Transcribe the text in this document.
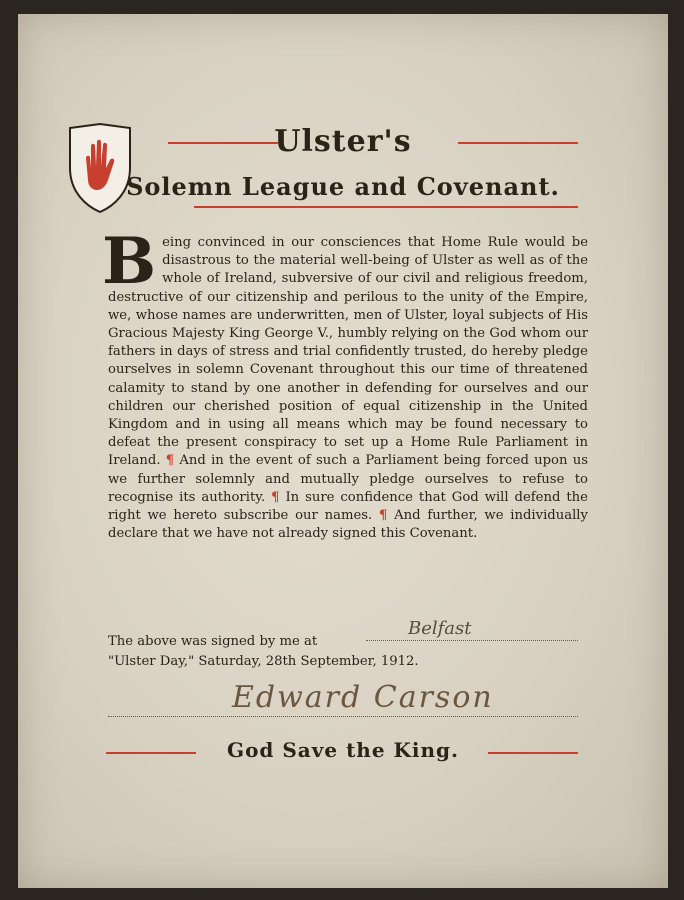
Ulster's
Solemn League and Covenant.
Being convinced in our consciences that Home Rule would be disastrous to the material well-being of Ulster as well as of the whole of Ireland, subversive of our civil and religious freedom, destructive of our citizenship and perilous to the unity of the Empire, we, whose names are underwritten, men of Ulster, loyal subjects of His Gracious Majesty King George V., humbly relying on the God whom our fathers in days of stress and trial confidently trusted, do hereby pledge ourselves in solemn Covenant throughout this our time of threatened calamity to stand by one another in defending for ourselves and our children our cherished position of equal citizenship in the United Kingdom and in using all means which may be found necessary to defeat the present conspiracy to set up a Home Rule Parliament in Ireland. ¶ And in the event of such a Parliament being forced upon us we further solemnly and mutually pledge ourselves to refuse to recognise its authority. ¶ In sure confidence that God will defend the right we hereto subscribe our names. ¶ And further, we individually declare that we have not already signed this Covenant.
The above was signed by me at
"Ulster Day," Saturday, 28th September, 1912.
Belfast
Edward Carson
God Save the King.
